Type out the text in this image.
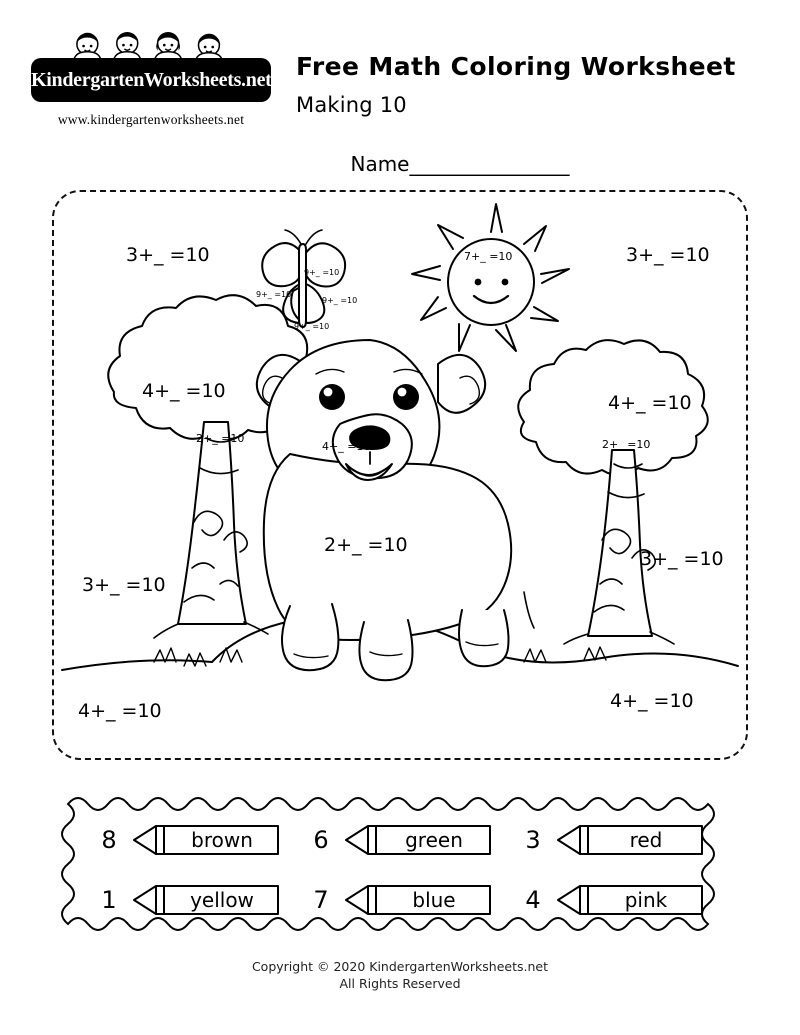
KindergartenWorksheets.net
www.kindergartenworksheets.net
Free Math Coloring Worksheet

Making 10

Name________________
3+_ =10	3+_ =10
7+_ =10
9+_ =10
9+_ =10
9+_ =10
9+_ =10
4+_ =10
2+_ =10
4+_ =10
2+_ =10
4+_ =10
2+_ =10
3+_ =10
3+_ =10
4+_ =10	4+_ =10
8	brown	6	green	3	red
1	yellow	7	blue	4	pink
Copyright © 2020 KindergartenWorksheets.net
All Rights Reserved
